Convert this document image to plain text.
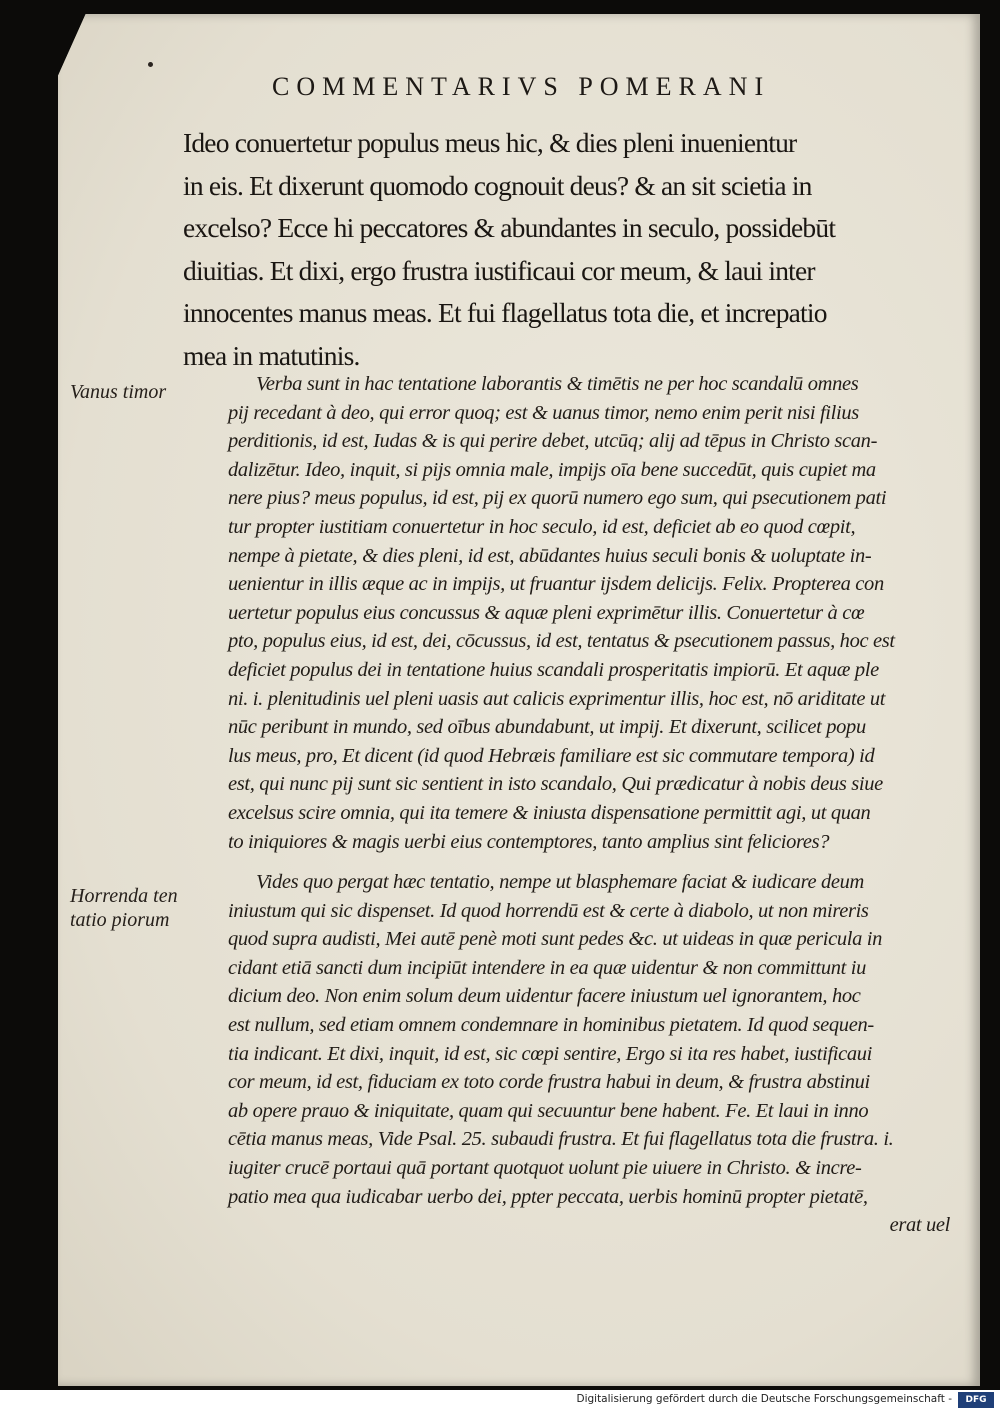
COMMENTARIVS POMERANI
Ideo conuertetur populus meus hic, & dies pleni inuenientur
in eis. Et dixerunt quomodo cognouit deus? & an sit scietia in
excelso? Ecce hi peccatores & abundantes in seculo, possidebūt
diuitias. Et dixi, ergo frustra iustificaui cor meum, & laui inter
innocentes manus meas. Et fui flagellatus tota die, et increpatio
mea in matutinis.
Vanus timor
Horrenda ten
tatio piorum
Verba sunt in hac tentatione laborantis & timētis ne per hoc scandalū omnes
pij recedant à deo, qui error quoq; est & uanus timor, nemo enim perit nisi filius
perditionis, id est, Iudas & is qui perire debet, utcūq; alij ad tēpus in Christo scan-
dalizētur. Ideo, inquit, si pijs omnia male, impijs oīa bene succedūt, quis cupiet ma
nere pius? meus populus, id est, pij ex quorū numero ego sum, qui psecutionem pati
tur propter iustitiam conuertetur in hoc seculo, id est, deficiet ab eo quod cœpit,
nempe à pietate, & dies pleni, id est, abūdantes huius seculi bonis & uoluptate in-
uenientur in illis æque ac in impijs, ut fruantur ijsdem delicijs. Felix. Propterea con
uertetur populus eius concussus & aquæ pleni exprimētur illis. Conuertetur à cœ
pto, populus eius, id est, dei, cōcussus, id est, tentatus & psecutionem passus, hoc est
deficiet populus dei in tentatione huius scandali prosperitatis impiorū. Et aquæ ple
ni. i. plenitudinis uel pleni uasis aut calicis exprimentur illis, hoc est, nō ariditate ut
nūc peribunt in mundo, sed oībus abundabunt, ut impij. Et dixerunt, scilicet popu
lus meus, pro, Et dicent (id quod Hebræis familiare est sic commutare tempora) id
est, qui nunc pij sunt sic sentient in isto scandalo, Qui prædicatur à nobis deus siue
excelsus scire omnia, qui ita temere & iniusta dispensatione permittit agi, ut quan
to iniquiores & magis uerbi eius contemptores, tanto amplius sint feliciores?
Vides quo pergat hæc tentatio, nempe ut blasphemare faciat & iudicare deum
iniustum qui sic dispenset. Id quod horrendū est & certe à diabolo, ut non mireris
quod supra audisti, Mei autē penè moti sunt pedes &c. ut uideas in quæ pericula in
cidant etiā sancti dum incipiūt intendere in ea quæ uidentur & non committunt iu
dicium deo. Non enim solum deum uidentur facere iniustum uel ignorantem, hoc
est nullum, sed etiam omnem condemnare in hominibus pietatem. Id quod sequen-
tia indicant. Et dixi, inquit, id est, sic cœpi sentire, Ergo si ita res habet, iustificaui
cor meum, id est, fiduciam ex toto corde frustra habui in deum, & frustra abstinui
ab opere prauo & iniquitate, quam qui secuuntur bene habent. Fe. Et laui in inno
cētia manus meas, Vide Psal. 25. subaudi frustra. Et fui flagellatus tota die frustra. i.
iugiter crucē portaui quā portant quotquot uolunt pie uiuere in Christo. & incre-
patio mea qua iudicabar uerbo dei, ppter peccata, uerbis hominū propter pietatē,
erat uel
Digitalisierung gefördert durch die Deutsche Forschungsgemeinschaft -	DFG
